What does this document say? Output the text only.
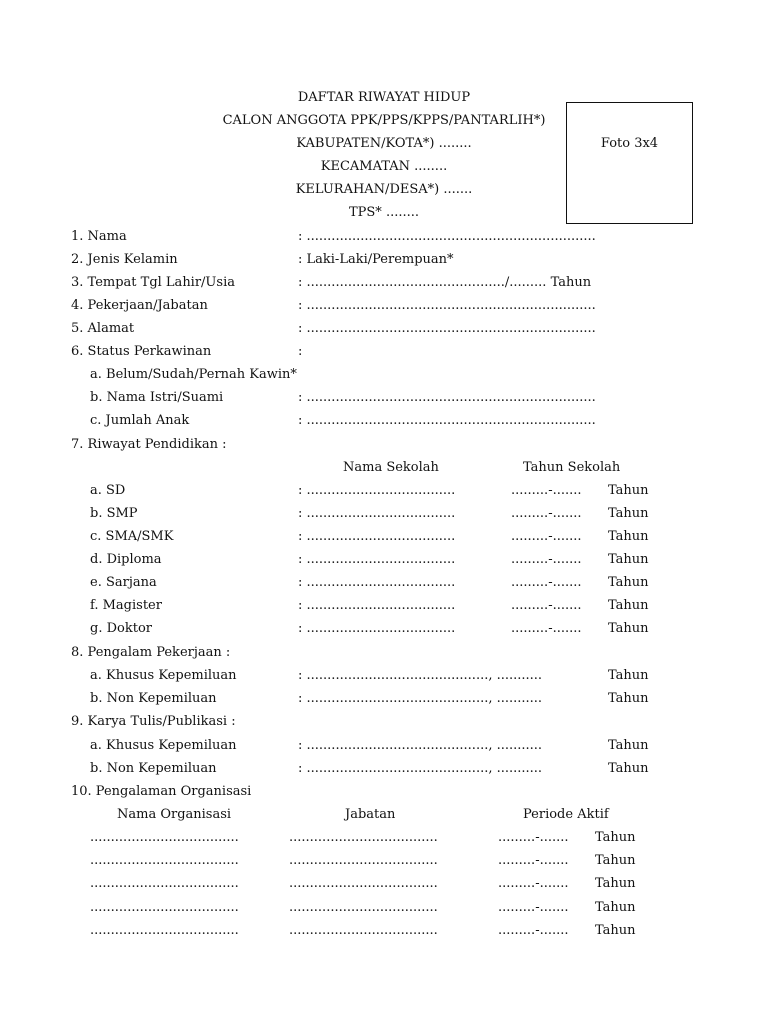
DAFTAR RIWAYAT HIDUP
CALON ANGGOTA PPK/PPS/KPPS/PANTARLIH*)
KABUPATEN/KOTA*) ........
KECAMATAN ........
KELURAHAN/DESA*) .......
TPS* ........
Foto 3x4
1. Nama	: ......................................................................
2. Jenis Kelamin	: Laki-Laki/Perempuan*
3. Tempat Tgl Lahir/Usia	: ................................................/......... Tahun
4. Pekerjaan/Jabatan	: ......................................................................
5. Alamat	: ......................................................................
6. Status Perkawinan	:
a. Belum/Sudah/Pernah Kawin*
b. Nama Istri/Suami	: ......................................................................
c. Jumlah Anak	: ......................................................................
7. Riwayat Pendidikan :
Nama Sekolah	Tahun Sekolah
a. SD	: ....................................	.........-....... Tahun
b. SMP	: ....................................	.........-....... Tahun
c. SMA/SMK	: ....................................	.........-....... Tahun
d. Diploma	: ....................................	.........-....... Tahun
e. Sarjana	: ....................................	.........-....... Tahun
f. Magister	: ....................................	.........-....... Tahun
g. Doktor	: ....................................	.........-....... Tahun
8. Pengalam Pekerjaan :
a. Khusus Kepemiluan	: ............................................, ...........	Tahun
b. Non Kepemiluan	: ............................................, ...........	Tahun
9. Karya Tulis/Publikasi :
a. Khusus Kepemiluan	: ............................................, ...........	Tahun
b. Non Kepemiluan	: ............................................, ...........	Tahun
10. Pengalaman Organisasi
Nama Organisasi	Jabatan	Periode Aktif
....................................	....................................	.........-....... Tahun
....................................	....................................	.........-....... Tahun
....................................	....................................	.........-....... Tahun
....................................	....................................	.........-....... Tahun
....................................	....................................	.........-....... Tahun
